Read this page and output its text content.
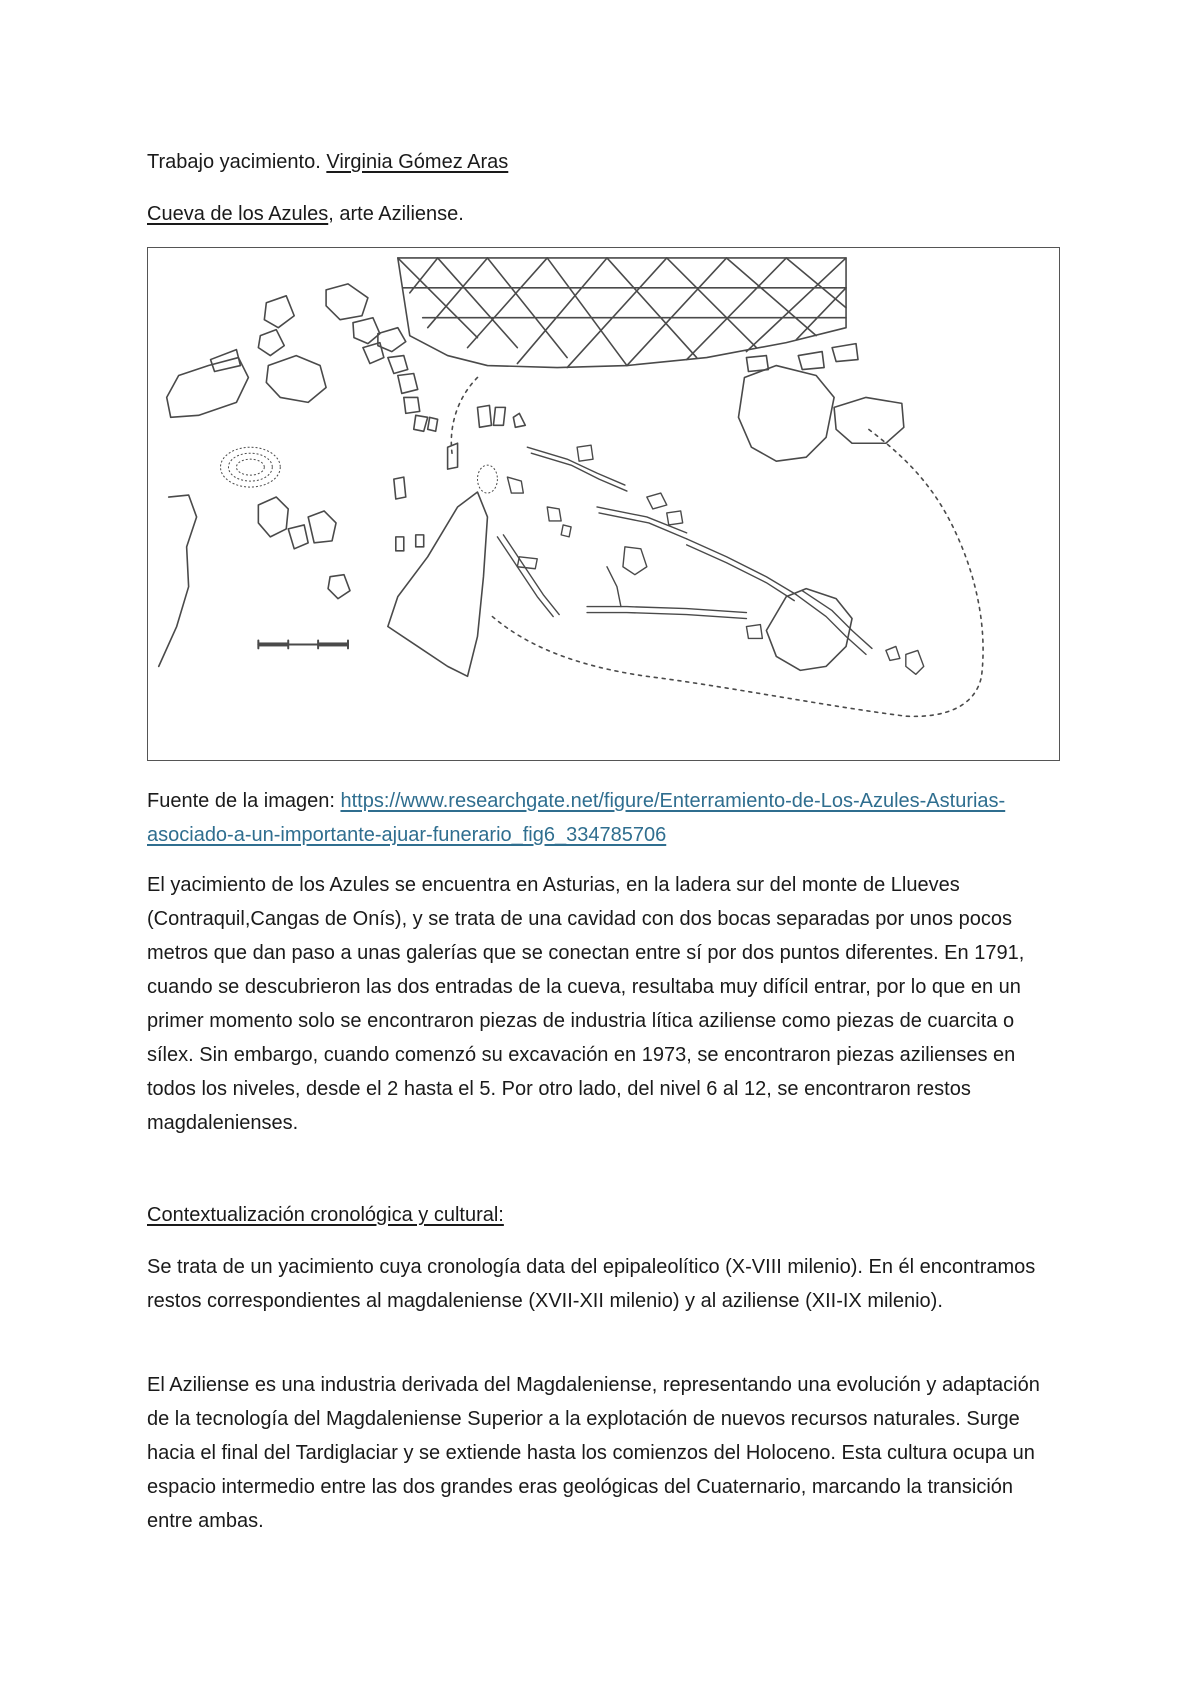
Trabajo yacimiento. Virginia Gómez Aras

Cueva de los Azules, arte Aziliense.

Fuente de la imagen: https://www.researchgate.net/figure/Enterramiento-de-Los-Azules-Asturias-asociado-a-un-importante-ajuar-funerario_fig6_334785706

El yacimiento de los Azules se encuentra en Asturias, en la ladera sur del monte de Llueves (Contraquil,Cangas de Onís), y se trata de una cavidad con dos bocas separadas por unos pocos metros que dan paso a unas galerías que se conectan entre sí por dos puntos diferentes. En 1791, cuando se descubrieron las dos entradas de la cueva, resultaba muy difícil entrar, por lo que en un primer momento solo se encontraron piezas de industria lítica aziliense como piezas de cuarcita o sílex. Sin embargo, cuando comenzó su excavación en 1973, se encontraron piezas azilienses en todos los niveles, desde el 2 hasta el 5. Por otro lado, del nivel 6 al 12, se encontraron restos magdalenienses.

Contextualización cronológica y cultural:

Se trata de un yacimiento cuya cronología data del epipaleolítico (X-VIII milenio). En él encontramos restos correspondientes al magdaleniense (XVII-XII milenio) y al aziliense (XII-IX milenio).

El Aziliense es una industria derivada del Magdaleniense, representando una evolución y adaptación de la tecnología del Magdaleniense Superior a la explotación de nuevos recursos naturales. Surge hacia el final del Tardiglaciar y se extiende hasta los comienzos del Holoceno. Esta cultura ocupa un espacio intermedio entre las dos grandes eras geológicas del Cuaternario, marcando la transición entre ambas.
